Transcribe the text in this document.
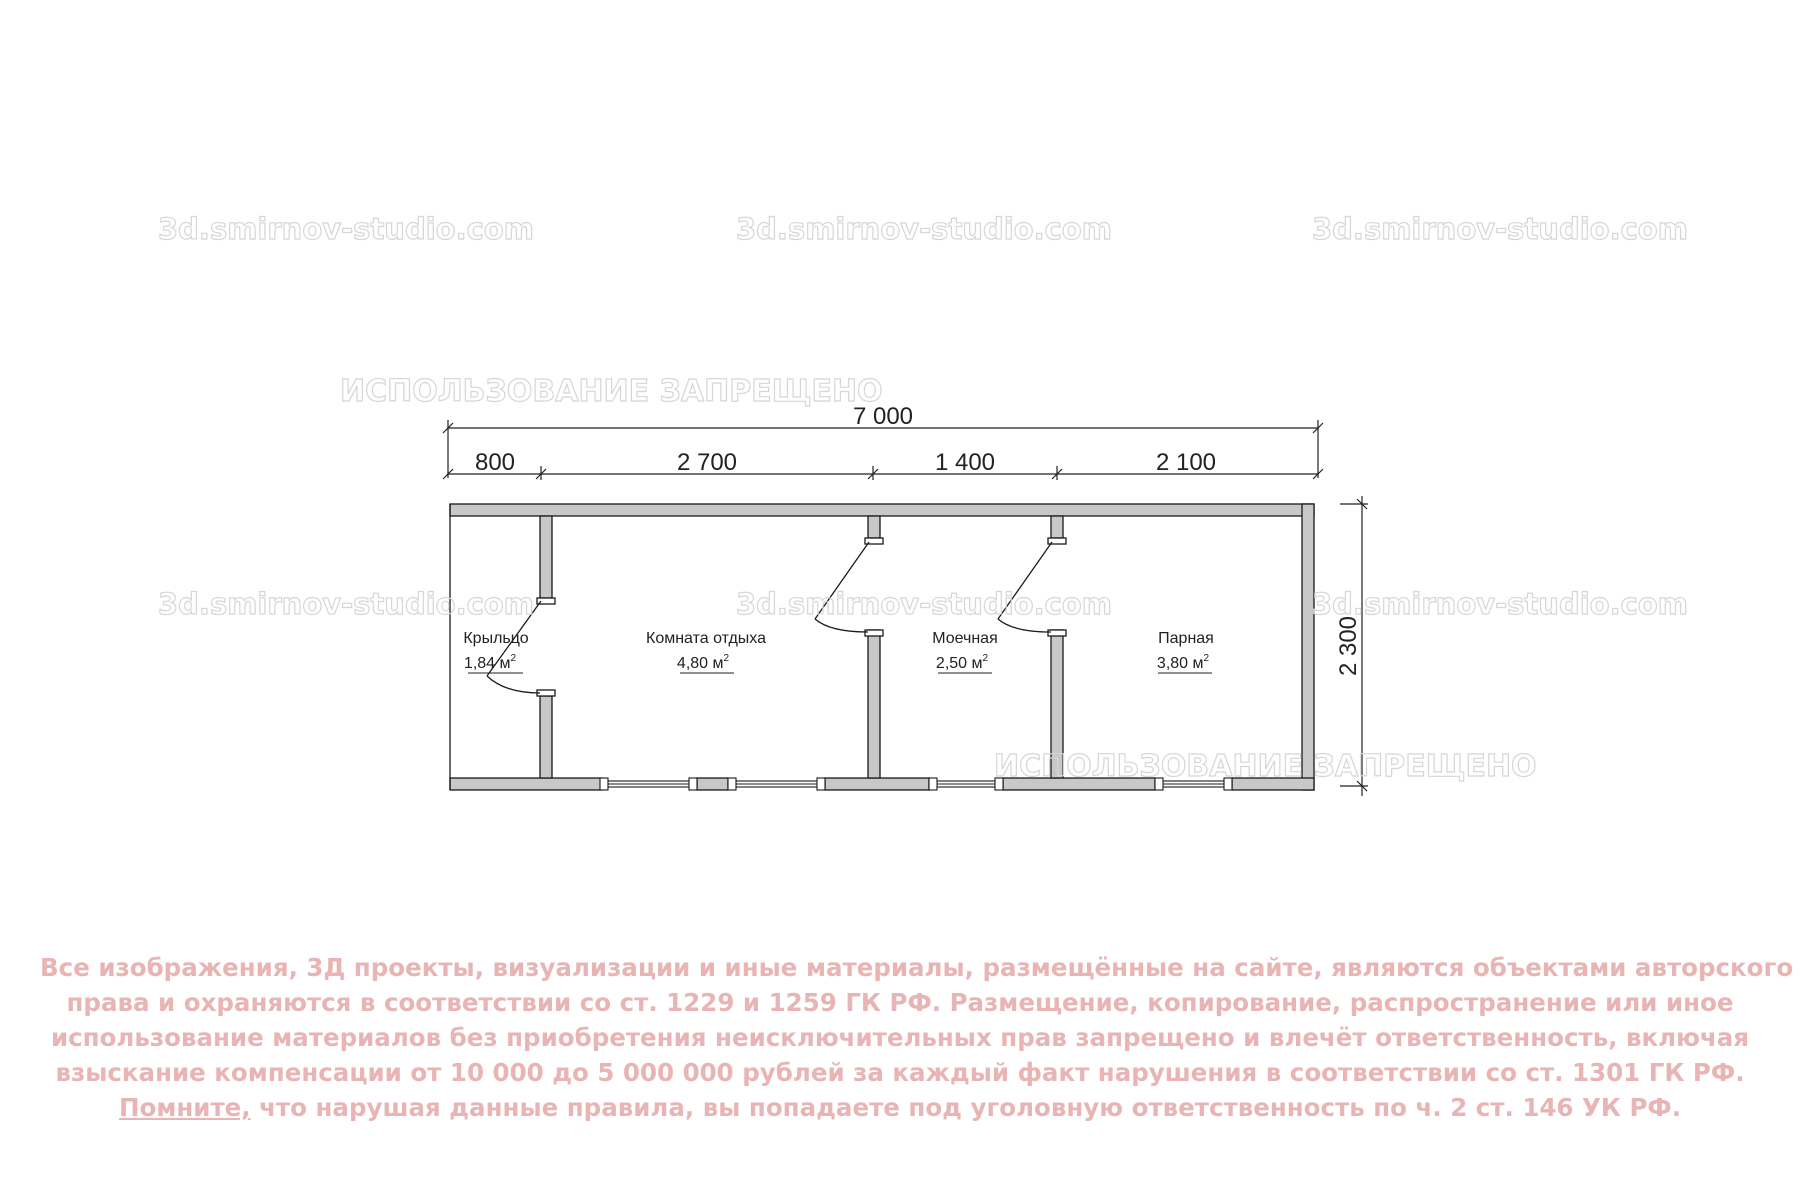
7 000
800	2 700	1 400	2 100
2 300
Крыльцо
1,84 $м^2$
Комната отдыха
4,80 $м^2$
Моечная
2,50 $м^2$
Парная
3,80 $м^2$
3d.smirnov-studio.com	3d.smirnov-studio.com	3d.smirnov-studio.com
3d.smirnov-studio.com	3d.smirnov-studio.com	3d.smirnov-studio.com
ИСПОЛЬЗОВАНИЕ ЗАПРЕЩЕНО
ИСПОЛЬЗОВАНИЕ ЗАПРЕЩЕНО
Все изображения, 3Д проекты, визуализации и иные материалы, размещённые на сайте, являются объектами авторского
права и охраняются в соответствии со ст. 1229 и 1259 ГК РФ. Размещение, копирование, распространение или иное
использование материалов без приобретения неисключительных прав запрещено и влечёт ответственность, включая
взыскание компенсации от 10 000 до 5 000 000 рублей за каждый факт нарушения в соответствии со ст. 1301 ГК РФ.
Помните, что нарушая данные правила, вы попадаете под уголовную ответственность по ч. 2 ст. 146 УК РФ.
